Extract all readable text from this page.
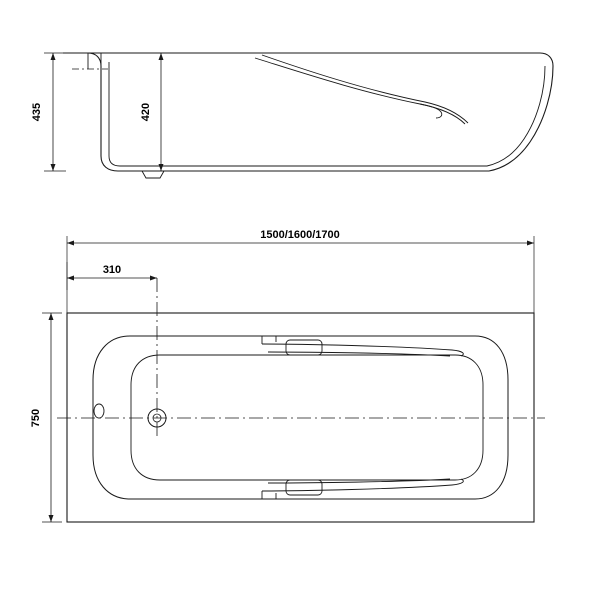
435	420
1500/1600/1700
310
750
